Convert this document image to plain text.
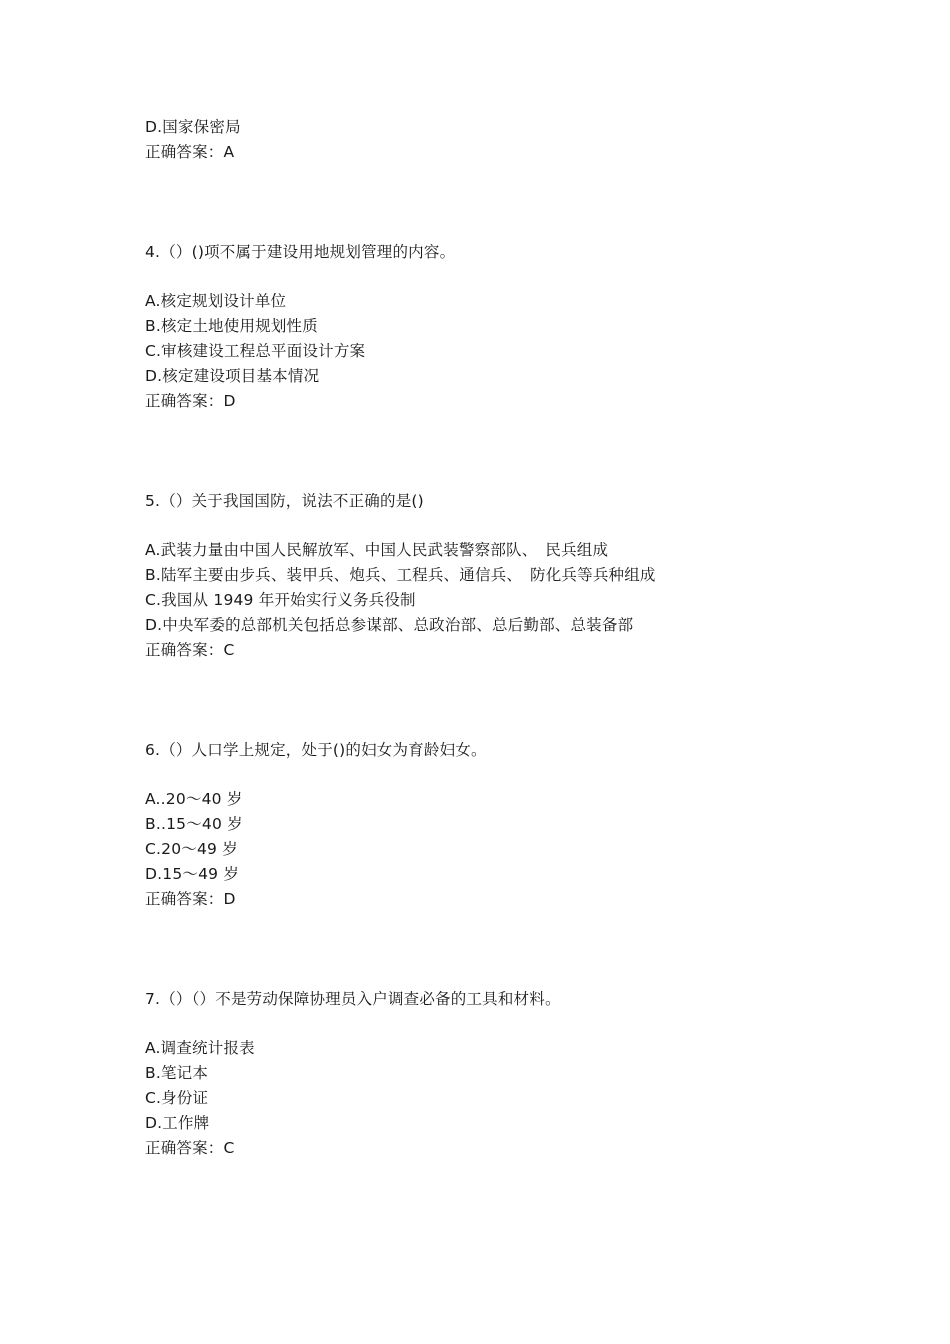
D.国家保密局
正确答案：A
4.（）()项不属于建设用地规划管理的内容。
A.核定规划设计单位
B.核定土地使用规划性质
C.审核建设工程总平面设计方案
D.核定建设项目基本情况
正确答案：D
5.（）关于我国国防，说法不正确的是()
A.武装力量由中国人民解放军、中国人民武装警察部队、　民兵组成
B.陆军主要由步兵、装甲兵、炮兵、工程兵、通信兵、　防化兵等兵种组成
C.我国从 1949 年开始实行义务兵役制
D.中央军委的总部机关包括总参谋部、总政治部、总后勤部、总装备部
正确答案：C
6.（）人口学上规定，处于()的妇女为育龄妇女。
A..20～40 岁
B..15～40 岁
C.20～49 岁
D.15～49 岁
正确答案：D
7.（）（）不是劳动保障协理员入户调查必备的工具和材料。
A.调查统计报表
B.笔记本
C.身份证
D.工作牌
正确答案：C
